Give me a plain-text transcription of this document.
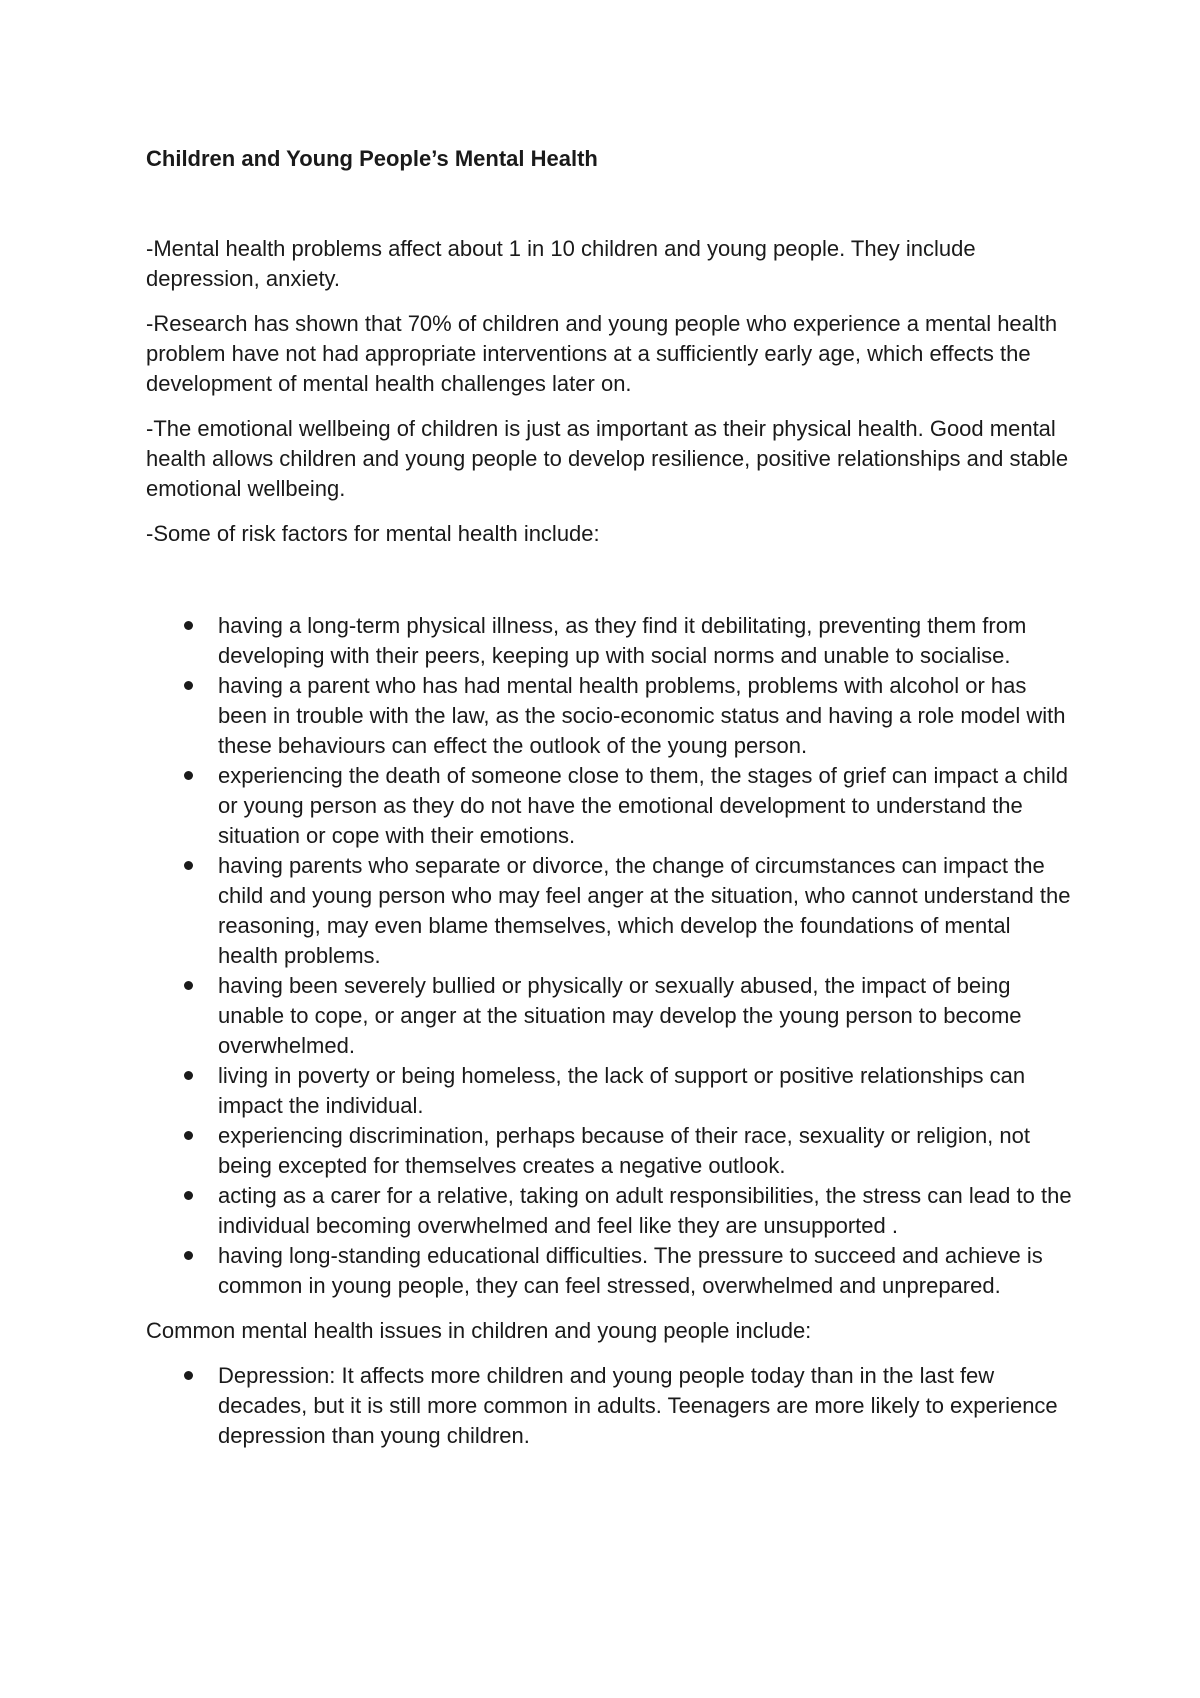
Children and Young People’s Mental Health

-Mental health problems affect about 1 in 10 children and young people. They include depression, anxiety.

-Research has shown that 70% of children and young people who experience a mental health problem have not had appropriate interventions at a sufficiently early age, which effects the development of mental health challenges later on.

-The emotional wellbeing of children is just as important as their physical health. Good mental health allows children and young people to develop resilience, positive relationships and stable emotional wellbeing.

-Some of risk factors for mental health include:

having a long-term physical illness, as they find it debilitating, preventing them from developing with their peers, keeping up with social norms and unable to socialise.
having a parent who has had mental health problems, problems with alcohol or has been in trouble with the law, as the socio-economic status and having a role model with these behaviours can effect the outlook of the young person.
experiencing the death of someone close to them, the stages of grief can impact a child or young person as they do not have the emotional development to understand the situation or cope with their emotions.
having parents who separate or divorce, the change of circumstances can impact the child and young person who may feel anger at the situation, who cannot understand the reasoning, may even blame themselves, which develop the foundations of mental health problems.
having been severely bullied or physically or sexually abused, the impact of being unable to cope, or anger at the situation may develop the young person to become overwhelmed.
living in poverty or being homeless, the lack of support or positive relationships can impact the individual.
experiencing discrimination, perhaps because of their race, sexuality or religion, not being excepted for themselves creates a negative outlook.
acting as a carer for a relative, taking on adult responsibilities, the stress can lead to the individual becoming overwhelmed and feel like they are unsupported .
having long-standing educational difficulties. The pressure to succeed and achieve is common in young people, they can feel stressed, overwhelmed and unprepared.

Common mental health issues in children and young people include:

Depression: It affects more children and young people today than in the last few decades, but it is still more common in adults. Teenagers are more likely to experience depression than young children.
